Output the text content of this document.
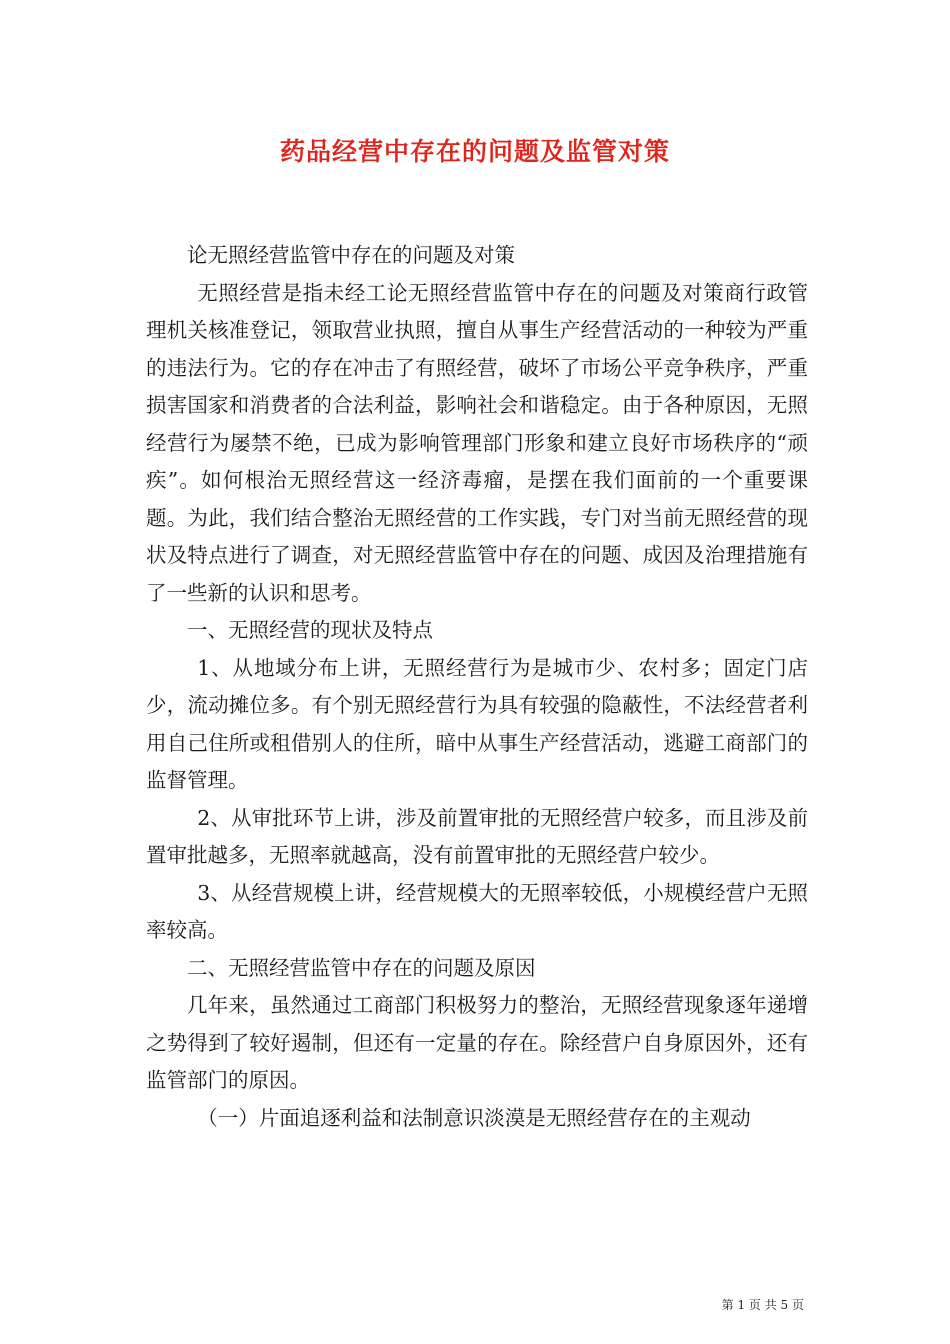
药品经营中存在的问题及监管对策

论无照经营监管中存在的问题及对策

无照经营是指未经工论无照经营监管中存在的问题及对策商行政管理机关核准登记，领取营业执照，擅自从事生产经营活动的一种较为严重的违法行为。它的存在冲击了有照经营，破坏了市场公平竞争秩序，严重损害国家和消费者的合法利益，影响社会和谐稳定。由于各种原因，无照经营行为屡禁不绝，已成为影响管理部门形象和建立良好市场秩序的“顽疾”。如何根治无照经营这一经济毒瘤，是摆在我们面前的一个重要课题。为此，我们结合整治无照经营的工作实践，专门对当前无照经营的现状及特点进行了调查，对无照经营监管中存在的问题、成因及治理措施有了一些新的认识和思考。

一、无照经营的现状及特点

1、从地域分布上讲，无照经营行为是城市少、农村多；固定门店少，流动摊位多。有个别无照经营行为具有较强的隐蔽性，不法经营者利用自己住所或租借别人的住所，暗中从事生产经营活动，逃避工商部门的监督管理。

2、从审批环节上讲，涉及前置审批的无照经营户较多，而且涉及前置审批越多，无照率就越高，没有前置审批的无照经营户较少。

3、从经营规模上讲，经营规模大的无照率较低，小规模经营户无照率较高。

二、无照经营监管中存在的问题及原因

几年来，虽然通过工商部门积极努力的整治，无照经营现象逐年递增之势得到了较好遏制，但还有一定量的存在。除经营户自身原因外，还有监管部门的原因。

（一）片面追逐利益和法制意识淡漠是无照经营存在的主观动

第 1 页 共 5 页
